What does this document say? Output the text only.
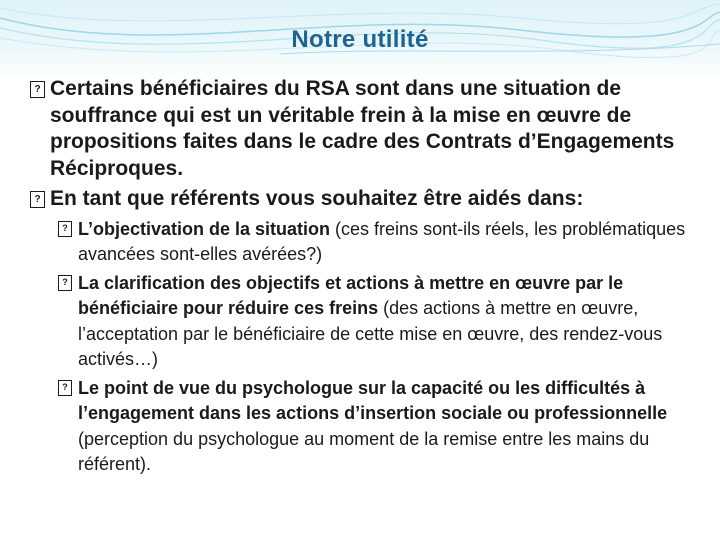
Notre utilité
? Certains bénéficiaires du RSA sont dans une situation de souffrance qui est un véritable frein à la mise en œuvre de propositions faites dans le cadre des Contrats d’Engagements Réciproques.
? En tant que référents vous souhaitez être aidés dans:
? L’objectivation de la situation (ces freins sont-ils réels, les problématiques avancées sont-elles avérées?)
? La clarification des objectifs et actions à mettre en œuvre par le bénéficiaire pour réduire ces freins (des actions à mettre en œuvre, l’acceptation par le bénéficiaire de cette mise en œuvre, des rendez-vous activés…)
? Le point de vue du psychologue sur la capacité ou les difficultés à l’engagement dans les actions d’insertion sociale ou professionnelle (perception du psychologue au moment de la remise entre les mains du référent).
